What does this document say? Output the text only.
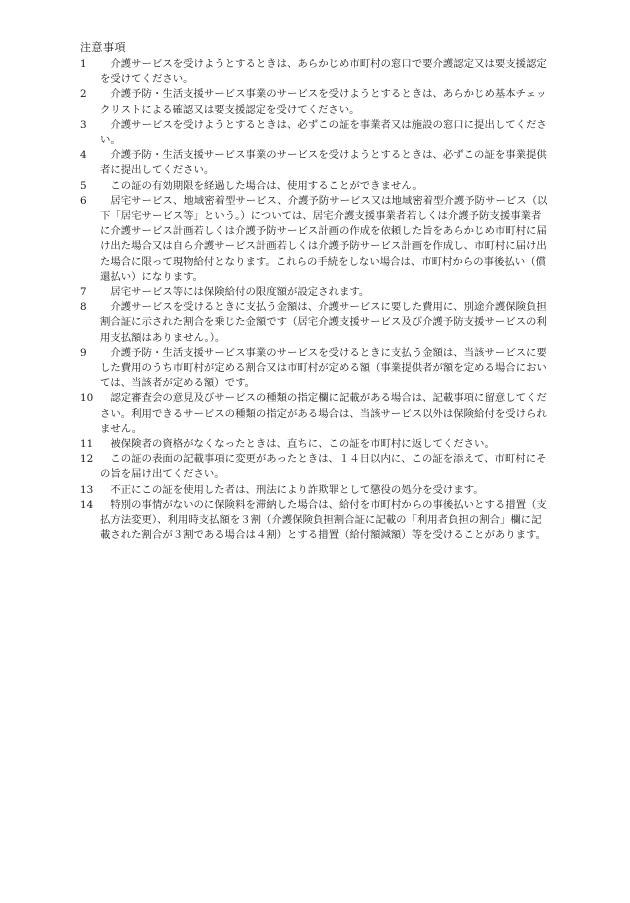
注意事項
1	介護サービスを受けようとするときは、あらかじめ市町村の窓口で要介護認定又は要支援認定を受けてください。
2	介護予防・生活支援サービス事業のサービスを受けようとするときは、あらかじめ基本チェックリストによる確認又は要支援認定を受けてください。
3	介護サービスを受けようとするときは、必ずこの証を事業者又は施設の窓口に提出してください。
4	介護予防・生活支援サービス事業のサービスを受けようとするときは、必ずこの証を事業提供者に提出してください。
5	この証の有効期限を経過した場合は、使用することができません。
6	居宅サービス、地域密着型サービス、介護予防サービス又は地域密着型介護予防サービス（以下「居宅サービス等」という。）については、居宅介護支援事業者若しくは介護予防支援事業者に介護サービス計画若しくは介護予防サービス計画の作成を依頼した旨をあらかじめ市町村に届け出た場合又は自ら介護サービス計画若しくは介護予防サービス計画を作成し、市町村に届け出た場合に限って現物給付となります。これらの手続をしない場合は、市町村からの事後払い（償還払い）になります。
7	居宅サービス等には保険給付の限度額が設定されます。
8	介護サービスを受けるときに支払う金額は、介護サービスに要した費用に、別途介護保険負担割合証に示された割合を乗じた金額です（居宅介護支援サービス及び介護予防支援サービスの利用支払額はありません。）。
9	介護予防・生活支援サービス事業のサービスを受けるときに支払う金額は、当該サービスに要した費用のうち市町村が定める割合又は市町村が定める額（事業提供者が額を定める場合においては、当該者が定める額）です。
10	認定審査会の意見及びサービスの種類の指定欄に記載がある場合は、記載事項に留意してください。利用できるサービスの種類の指定がある場合は、当該サービス以外は保険給付を受けられません。
11	被保険者の資格がなくなったときは、直ちに、この証を市町村に返してください。
12	この証の表面の記載事項に変更があったときは、１４日以内に、この証を添えて、市町村にその旨を届け出てください。
13	不正にこの証を使用した者は、刑法により詐欺罪として懲役の処分を受けます。
14	特別の事情がないのに保険料を滞納した場合は、給付を市町村からの事後払いとする措置（支払方法変更）、利用時支払額を３割（介護保険負担割合証に記載の「利用者負担の割合」欄に記載された割合が３割である場合は４割）とする措置（給付額減額）等を受けることがあります。
